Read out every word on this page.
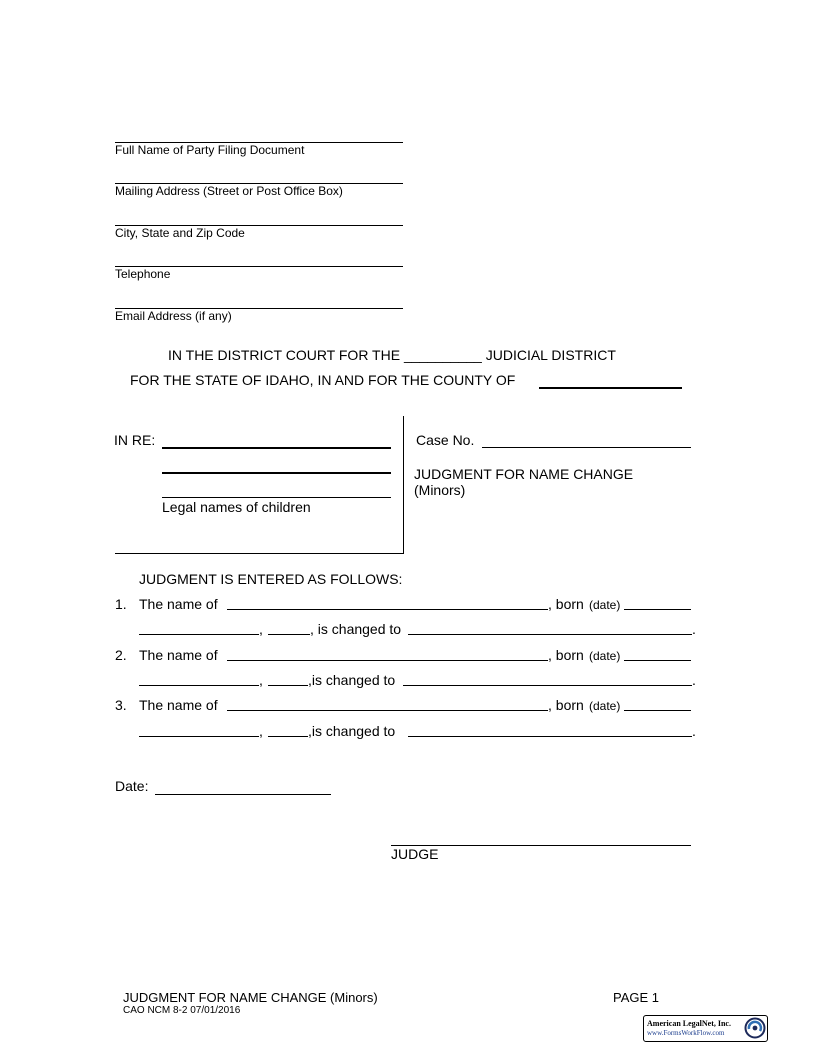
Full Name of Party Filing Document
Mailing Address (Street or Post Office Box)
City, State and Zip Code
Telephone
Email Address (if any)
IN THE DISTRICT COURT FOR THE __________ JUDICIAL DISTRICT
FOR THE STATE OF IDAHO, IN AND FOR THE COUNTY OF
IN RE:
Legal names of children
Case No.
JUDGMENT FOR NAME CHANGE
(Minors)
JUDGMENT IS ENTERED AS FOLLOWS:
1. The name of	, born (date)
,	, is changed to	.
2. The name of	, born (date)
,	,is changed to	.
3. The name of	, born (date)
,	,is changed to	.
Date:
JUDGE
JUDGMENT FOR NAME CHANGE (Minors)
CAO NCM 8-2 07/01/2016
PAGE 1
American LegalNet, Inc.
www.FormsWorkFlow.com
